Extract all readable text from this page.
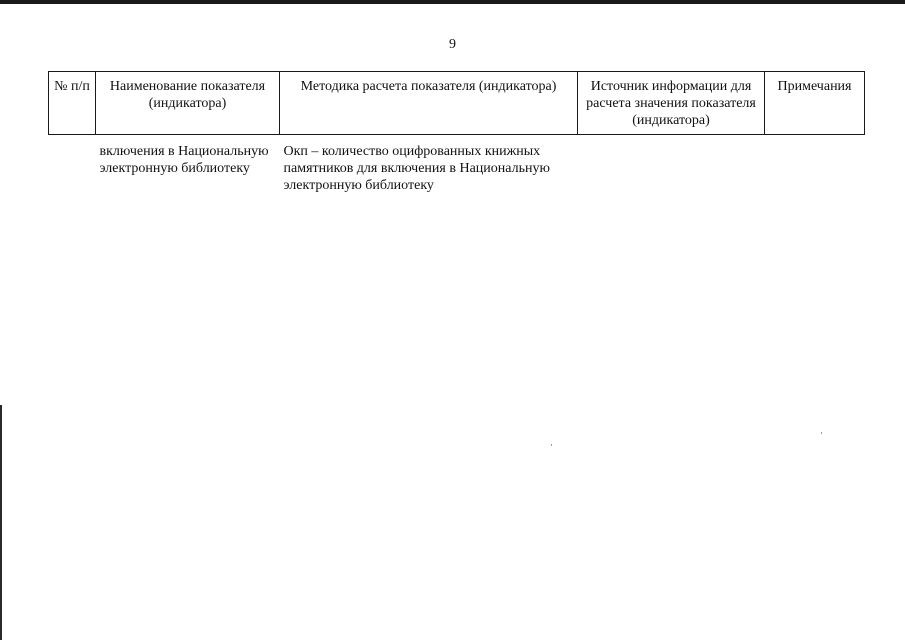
9
№ п/п	Наименование показателя (индикатора)	Методика расчета показателя (индикатора)	Источник информации для расчета значения показателя (индикатора)	Примечания
	включения в Национальную электронную библиотеку	Окп – количество оцифрованных книжных памятников для включения в Национальную электронную библиотеку		
